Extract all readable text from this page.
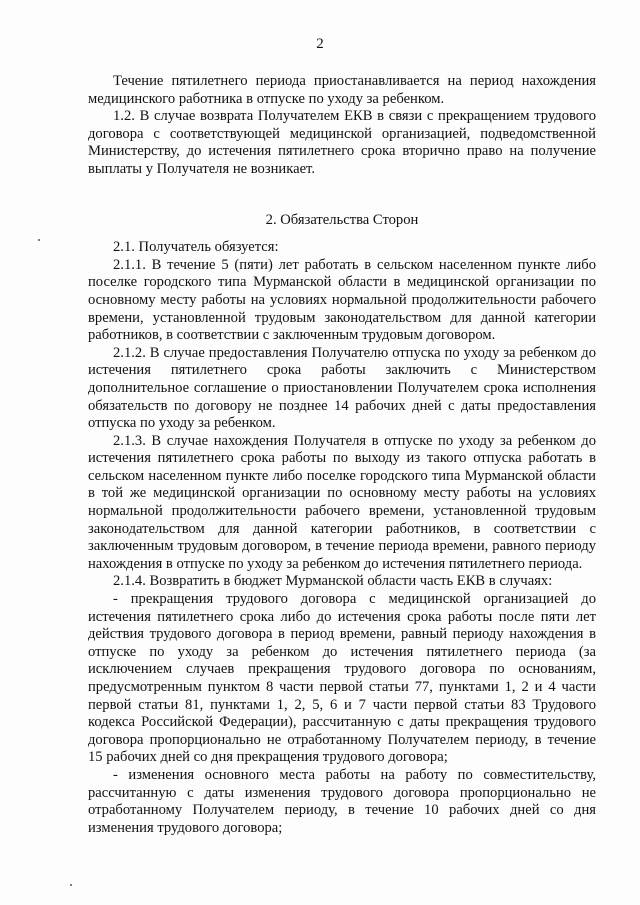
2

Течение пятилетнего периода приостанавливается на период нахождения медицинского работника в отпуске по уходу за ребенком.

1.2. В случае возврата Получателем ЕКВ в связи с прекращением трудового договора с соответствующей медицинской организацией, подведомственной Министерству, до истечения пятилетнего срока вторично право на получение выплаты у Получателя не возникает.

2. Обязательства Сторон

2.1. Получатель обязуется:

2.1.1. В течение 5 (пяти) лет работать в сельском населенном пункте либо поселке городского типа Мурманской области в медицинской организации по основному месту работы на условиях нормальной продолжительности рабочего времени, установленной трудовым законодательством для данной категории работников, в соответствии с заключенным трудовым договором.

2.1.2. В случае предоставления Получателю отпуска по уходу за ребенком до истечения пятилетнего срока работы заключить с Министерством дополнительное соглашение о приостановлении Получателем срока исполнения обязательств по договору не позднее 14 рабочих дней с даты предоставления отпуска по уходу за ребенком.

2.1.3. В случае нахождения Получателя в отпуске по уходу за ребенком до истечения пятилетнего срока работы по выходу из такого отпуска работать в сельском населенном пункте либо поселке городского типа Мурманской области в той же медицинской организации по основному месту работы на условиях нормальной продолжительности рабочего времени, установленной трудовым законодательством для данной категории работников, в соответствии с заключенным трудовым договором, в течение периода времени, равного периоду нахождения в отпуске по уходу за ребенком до истечения пятилетнего периода.

2.1.4. Возвратить в бюджет Мурманской области часть ЕКВ в случаях:

- прекращения трудового договора с медицинской организацией до истечения пятилетнего срока либо до истечения срока работы после пяти лет действия трудового договора в период времени, равный периоду нахождения в отпуске по уходу за ребенком до истечения пятилетнего периода (за исключением случаев прекращения трудового договора по основаниям, предусмотренным пунктом 8 части первой статьи 77, пунктами 1, 2 и 4 части первой статьи 81, пунктами 1, 2, 5, 6 и 7 части первой статьи 83 Трудового кодекса Российской Федерации), рассчитанную с даты прекращения трудового договора пропорционально не отработанному Получателем периоду, в течение 15 рабочих дней со дня прекращения трудового договора;

- изменения основного места работы на работу по совместительству, рассчитанную с даты изменения трудового договора пропорционально не отработанному Получателем периоду, в течение 10 рабочих дней со дня изменения трудового договора;
